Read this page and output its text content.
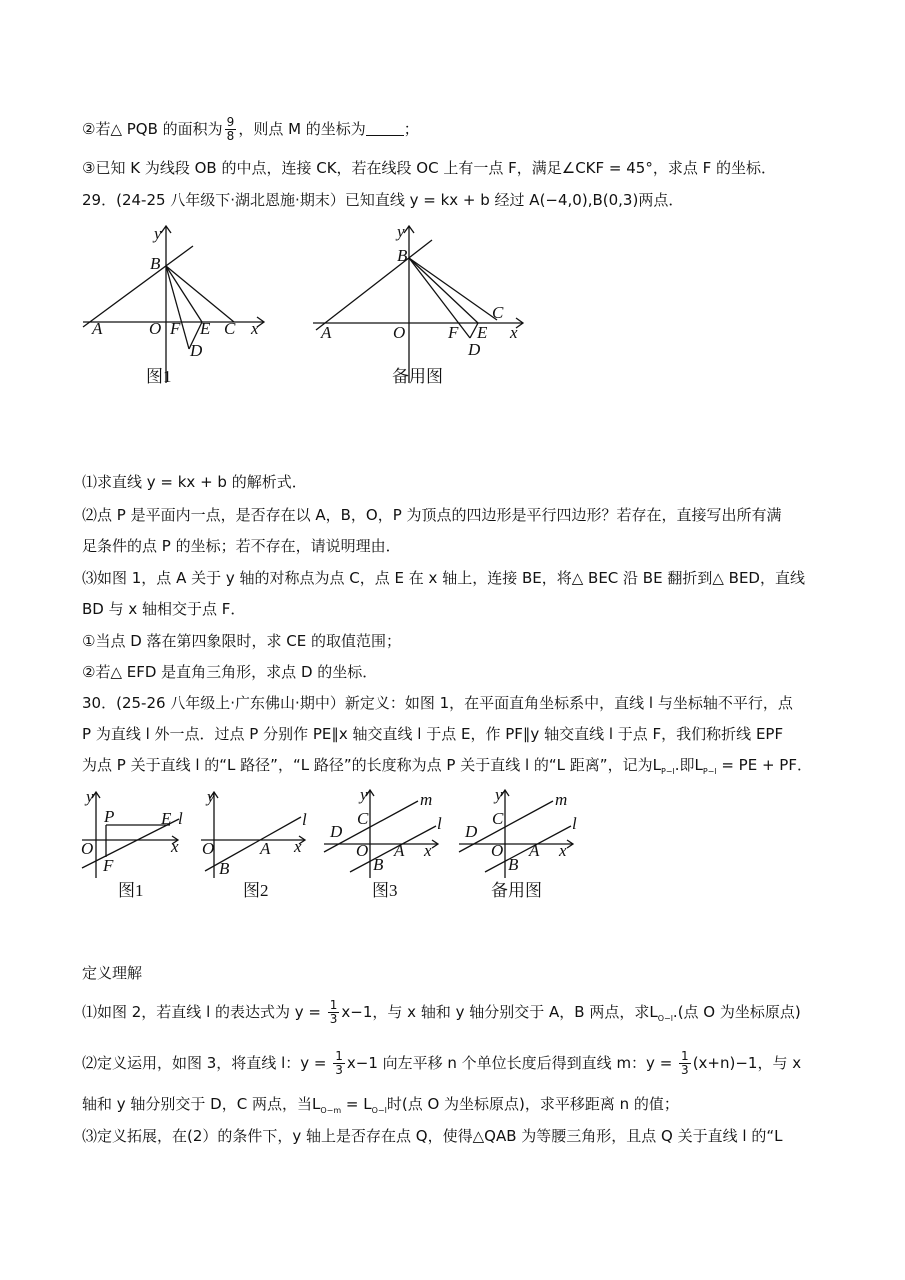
②若△ PQB 的面积为 $\frac{9}{8}$ ，则点 M 的坐标为	；
③已知 K 为线段 OB 的中点，连接 CK，若在线段 OC 上有一点 F，满足∠CKF = 45°，求点 F 的坐标．
29．(24-25 八年级下·湖北恩施·期末）已知直线 y = kx + b 经过 A(−4,0),B(0,3)两点．
y
B
A	O F E C x
D
图1
y
B
A	O	F E
C
x
D
备用图
⑴求直线 y = kx + b 的解析式．
⑵点 P 是平面内一点，是否存在以 A，B，O，P 为顶点的四边形是平行四边形？若存在，直接写出所有满
足条件的点 P 的坐标；若不存在，请说明理由．
⑶如图 1，点 A 关于 y 轴的对称点为点 C，点 E 在 x 轴上，连接 BE，将△ BEC 沿 BE 翻折到△ BED，直线
BD 与 x 轴相交于点 F．
①当点 D 落在第四象限时，求 CE 的取值范围；
②若△ EFD 是直角三角形，求点 D 的坐标．
30．(25-26 八年级上·广东佛山·期中）新定义：如图 1，在平面直角坐标系中，直线 l 与坐标轴不平行，点
P 为直线 l 外一点．过点 P 分别作 PE∥x 轴交直线 l 于点 E，作 PF∥y 轴交直线 l 于点 F，我们称折线 EPF
为点 P 关于直线 l 的“L 路径”，“L 路径”的长度称为点 P 关于直线 l 的“L 距离”，记为$L_{P-l}$.即$L_{P-l}$ = PE + PF．
y
P	E l
O	x
F
图1
y
l
O	A x
B
图2
y	m
C	l
D
O A x
B
图3
y	m
C	l
D
O A x
B
备用图
定义理解
⑴如图 2，若直线 l 的表达式为 $y = \frac{1}{3} x-1$，与 x 轴和 y 轴分别交于 A，B 两点，求$L_{O-l}$.(点 O 为坐标原点)
⑵定义运用，如图 3，将直线 l：$y = \frac{1}{3} x-1$ 向左平移 n 个单位长度后得到直线 m：$y = \frac{1}{3} (x+n)-1$，与 x
轴和 y 轴分别交于 D，C 两点，当$L_{O-m} = L_{O-l}$时(点 O 为坐标原点)，求平移距离 n 的值；
⑶定义拓展，在(2）的条件下，y 轴上是否存在点 Q，使得△QAB 为等腰三角形，且点 Q 关于直线 l 的“L
